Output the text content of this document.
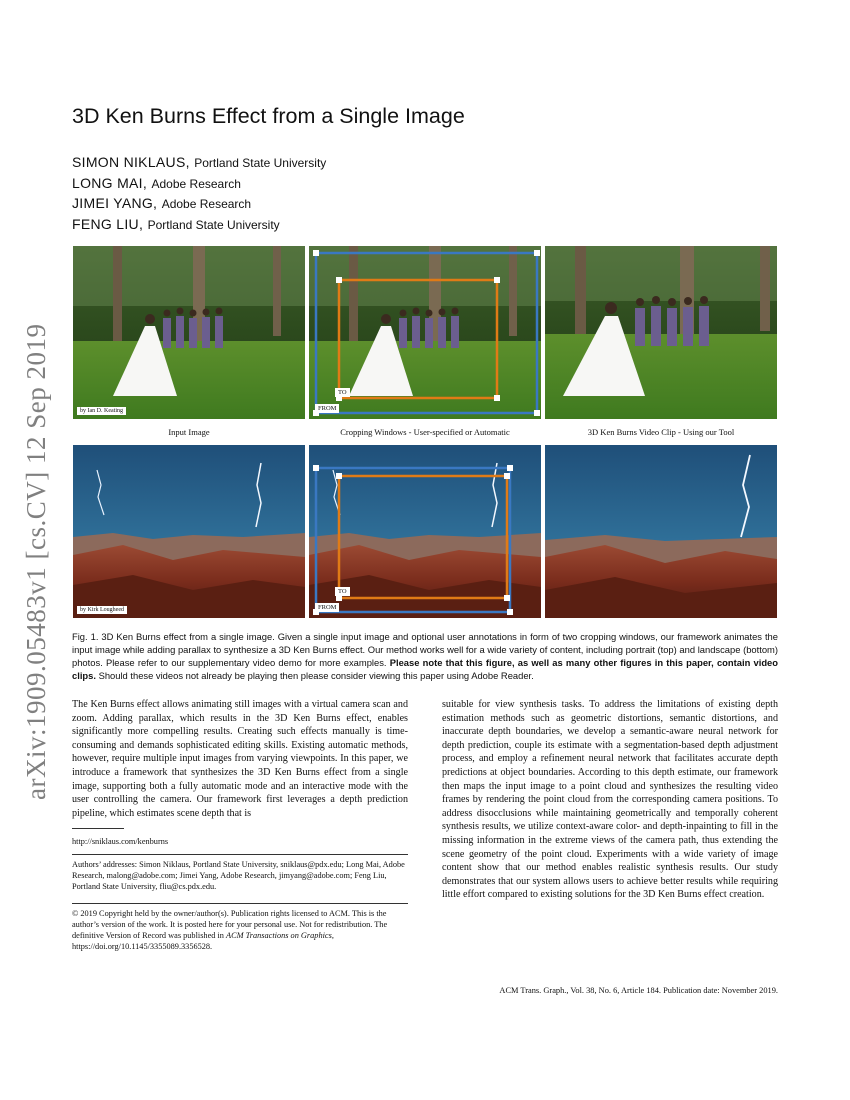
arXiv:1909.05483v1 [cs.CV] 12 Sep 2019
3D Ken Burns Effect from a Single Image
SIMON NIKLAUS, Portland State University
LONG MAI, Adobe Research
JIMEI YANG, Adobe Research
FENG LIU, Portland State University
by Ian D. Keating
TO
FROM
Input Image	Cropping Windows - User-specified or Automatic	3D Ken Burns Video Clip - Using our Tool
by Kirk Lougheed
TO
FROM
Fig. 1. 3D Ken Burns effect from a single image. Given a single input image and optional user annotations in form of two cropping windows, our framework animates the input image while adding parallax to synthesize a 3D Ken Burns effect. Our method works well for a wide variety of content, including portrait (top) and landscape (bottom) photos. Please refer to our supplementary video demo for more examples. Please note that this figure, as well as many other figures in this paper, contain video clips. Should these videos not already be playing then please consider viewing this paper using Adobe Reader.
The Ken Burns effect allows animating still images with a virtual camera scan and zoom. Adding parallax, which results in the 3D Ken Burns effect, enables significantly more compelling results. Creating such effects manually is time-consuming and demands sophisticated editing skills. Existing automatic methods, however, require multiple input images from varying viewpoints. In this paper, we introduce a framework that synthesizes the 3D Ken Burns effect from a single image, supporting both a fully automatic mode and an interactive mode with the user controlling the camera. Our framework first leverages a depth prediction pipeline, which estimates scene depth that is
suitable for view synthesis tasks. To address the limitations of existing depth estimation methods such as geometric distortions, semantic distortions, and inaccurate depth boundaries, we develop a semantic-aware neural network for depth prediction, couple its estimate with a segmentation-based depth adjustment process, and employ a refinement neural network that facilitates accurate depth predictions at object boundaries. According to this depth estimate, our framework then maps the input image to a point cloud and synthesizes the resulting video frames by rendering the point cloud from the corresponding camera positions. To address disocclusions while maintaining geometrically and temporally coherent synthesis results, we utilize context-aware color- and depth-inpainting to fill in the missing information in the extreme views of the camera path, thus extending the scene geometry of the point cloud. Experiments with a wide variety of image content show that our method enables realistic synthesis results. Our study demonstrates that our system allows users to achieve better results while requiring little effort compared to existing solutions for the 3D Ken Burns effect creation.
http://sniklaus.com/kenburns
Authors’ addresses: Simon Niklaus, Portland State University, sniklaus@pdx.edu; Long Mai, Adobe Research, malong@adobe.com; Jimei Yang, Adobe Research, jimyang@adobe.com; Feng Liu, Portland State University, fliu@cs.pdx.edu.
© 2019 Copyright held by the owner/author(s). Publication rights licensed to ACM. This is the author’s version of the work. It is posted here for your personal use. Not for redistribution. The definitive Version of Record was published in ACM Transactions on Graphics, https://doi.org/10.1145/3355089.3356528.
ACM Trans. Graph., Vol. 38, No. 6, Article 184. Publication date: November 2019.
